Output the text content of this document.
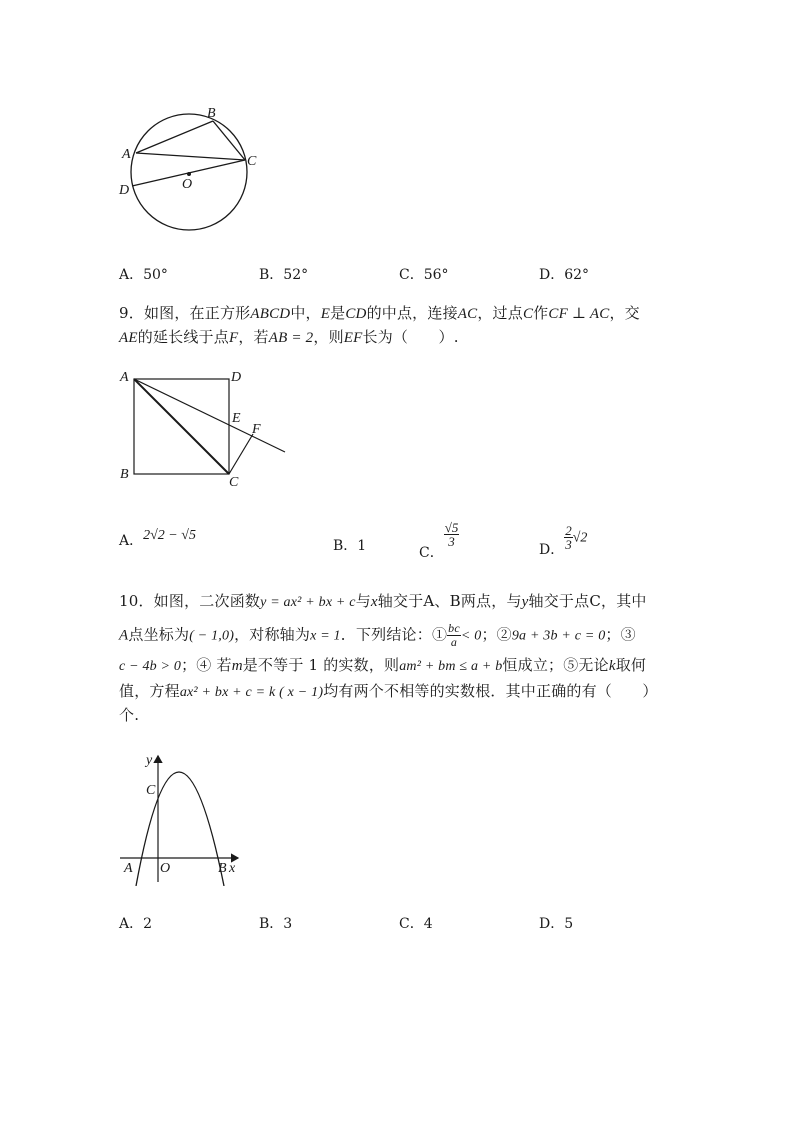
B
A	C
D	O
A．50°	B．52°	C．56°	D．62°
9．如图，在正方形ABCD中，E是CD的中点，连接AC，过点C作CF ⊥ AC，交
AE的延长线于点F，若AB = 2，则EF长为（　　）.
A	D
E
F
B
C
A．2√2 − √5
B．1	C．
$\frac{√5}{3}$
D． $\frac{2}{3} √2$
10．如图，二次函数y = ax² + bx + c与x轴交于A、B两点，与y轴交于点C，其中
A点坐标为( − 1,0)，对称轴为x = 1．下列结论：① $\frac{bc}{a} < 0$；②9a + 3b + c = 0；③
c − 4b > 0；④ 若m是不等于 1 的实数，则am² + bm ≤ a + b恒成立；⑤无论k取何
值，方程ax² + bx + c = k ( x − 1)均有两个不相等的实数根．其中正确的有（　　）
个.
y
C
O
A	B x
A．2	B．3	C．4	D．5
